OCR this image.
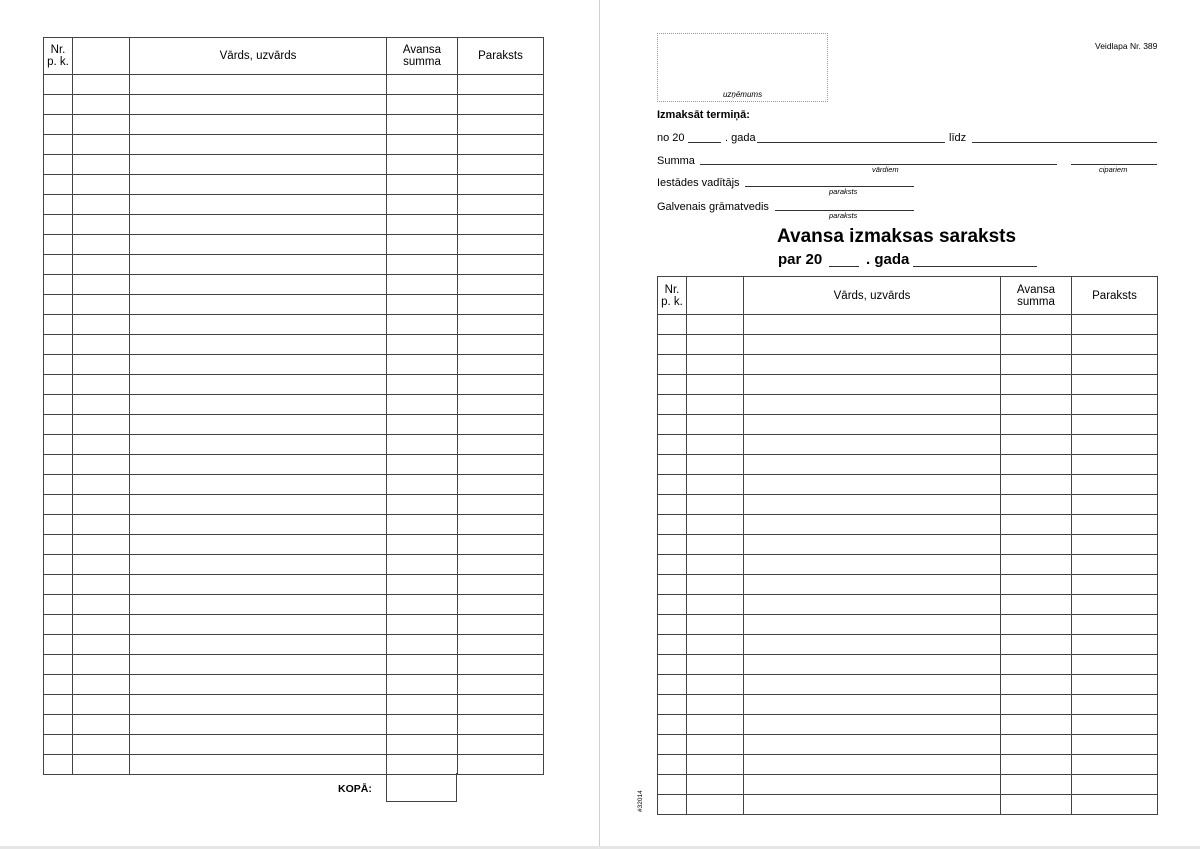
Nr.
p. k.		Vārds, uzvārds	Avansa
summa	Paraksts

KOPĀ:
Veidlapa Nr. 389
uzņēmums
Izmaksāt termiņā:
no 20	. gada	līdz
Summa
vārdiem	cipariem
Iestādes vadītājs
paraksts
Galvenais grāmatvedis
paraksts
Avansa izmaksas saraksts
par 20	. gada
Nr.
p. k.		Vārds, uzvārds	Avansa
summa	Paraksts

#32014
